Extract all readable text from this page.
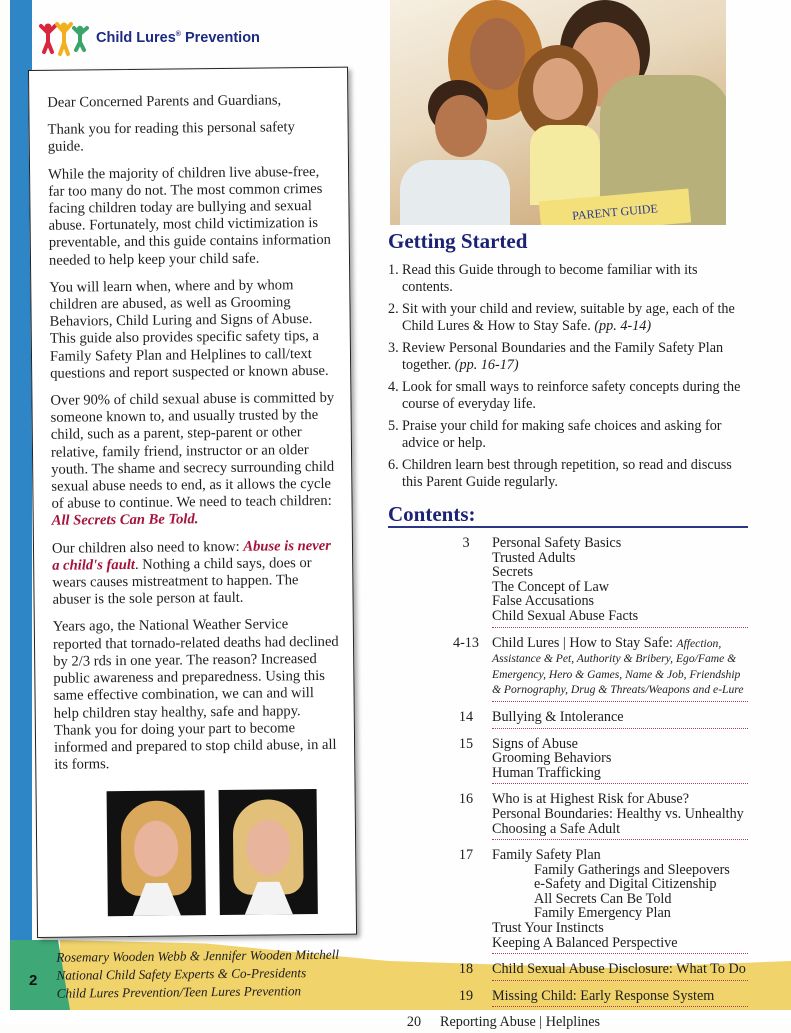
2
Child Lures® Prevention

Dear Concerned Parents and Guardians,

Thank you for reading this personal safety guide.

While the majority of children live abuse-free, far too many do not. The most common crimes facing children today are bullying and sexual abuse. Fortunately, most child victimization is preventable, and this guide contains information needed to help keep your child safe.

You will learn when, where and by whom children are abused, as well as Grooming Behaviors, Child Luring and Signs of Abuse. This guide also provides specific safety tips, a Family Safety Plan and Helplines to call/text questions and report suspected or known abuse.

Over 90% of child sexual abuse is committed by someone known to, and usually trusted by the child, such as a parent, step-parent or other relative, family friend, instructor or an older youth. The shame and secrecy surrounding child sexual abuse needs to end, as it allows the cycle of abuse to continue. We need to teach children: All Secrets Can Be Told.

Our children also need to know: Abuse is never a child's fault. Nothing a child says, does or wears causes mistreatment to happen. The abuser is the sole person at fault.

Years ago, the National Weather Service reported that tornado-related deaths had declined by 2/3 rds in one year. The reason? Increased public awareness and preparedness. Using this same effective combination, we can and will help children stay healthy, safe and happy. Thank you for doing your part to become informed and prepared to stop child abuse, in all its forms.

Rosemary Wooden Webb & Jennifer Wooden Mitchell
National Child Safety Experts & Co-Presidents
Child Lures Prevention/Teen Lures Prevention
PARENT GUIDE
Getting Started
1. Read this Guide through to become familiar with its contents.
2. Sit with your child and review, suitable by age, each of the Child Lures & How to Stay Safe. (pp. 4-14)
3. Review Personal Boundaries and the Family Safety Plan together. (pp. 16-17)
4. Look for small ways to reinforce safety concepts during the course of everyday life.
5. Praise your child for making safe choices and asking for advice or help.
6. Children learn best through repetition, so read and discuss this Parent Guide regularly.
Contents:
3	Personal Safety Basics
Trusted Adults
Secrets
The Concept of Law
False Accusations
Child Sexual Abuse Facts
4-13 Child Lures | How to Stay Safe: Affection, Assistance & Pet, Authority & Bribery, Ego/Fame & Emergency, Hero & Games, Name & Job, Friendship & Pornography, Drug & Threats/Weapons and e-Lure
14	Bullying & Intolerance
15	Signs of Abuse
Grooming Behaviors
Human Trafficking
16	Who is at Highest Risk for Abuse?
Personal Boundaries: Healthy vs. Unhealthy
Choosing a Safe Adult
17	Family Safety Plan
Family Gatherings and Sleepovers
e-Safety and Digital Citizenship
All Secrets Can Be Told
Family Emergency Plan
Trust Your Instincts
Keeping A Balanced Perspective
18	Child Sexual Abuse Disclosure: What To Do
19	Missing Child: Early Response System
20	Reporting Abuse | Helplines
